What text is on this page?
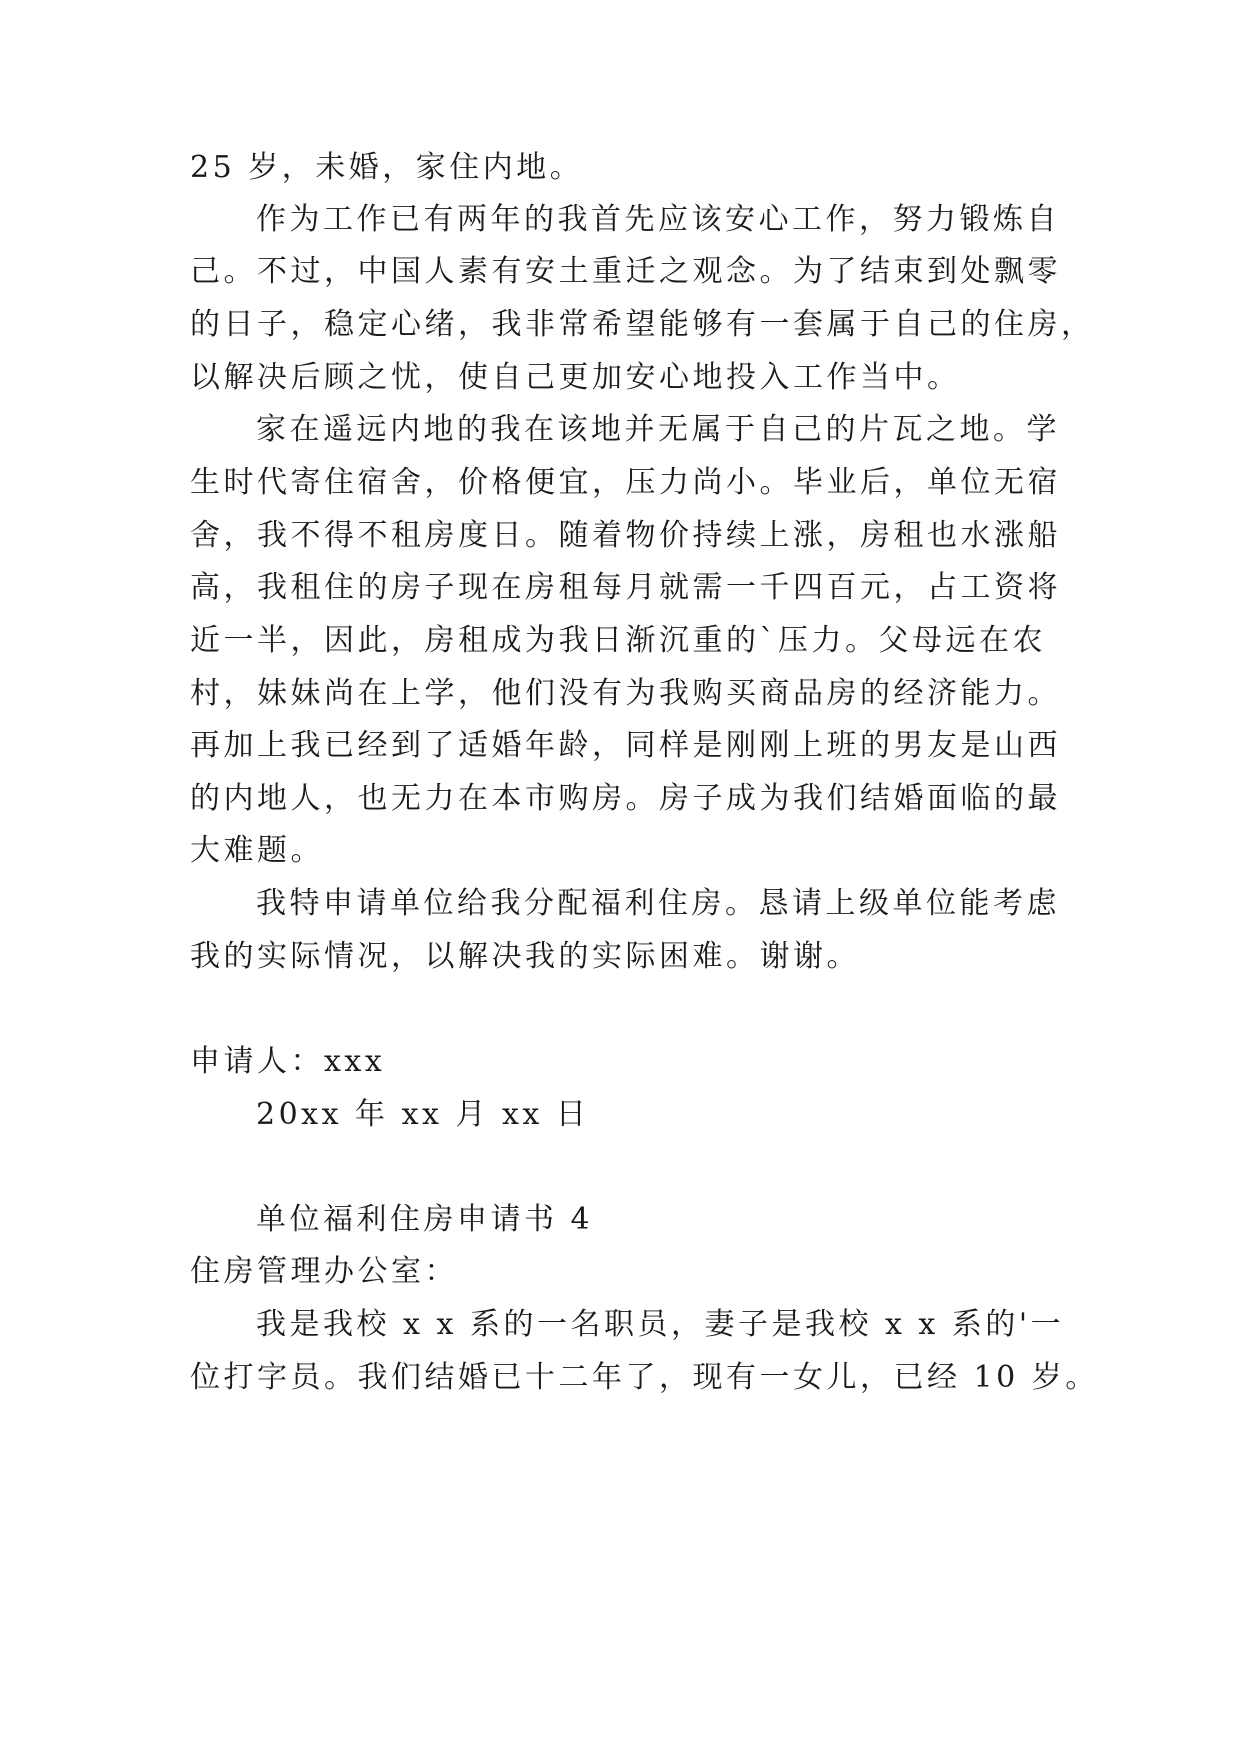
25 岁，未婚，家住内地。
作为工作已有两年的我首先应该安心工作，努力锻炼自
己。不过，中国人素有安土重迁之观念。为了结束到处飘零
的日子，稳定心绪，我非常希望能够有一套属于自己的住房，
以解决后顾之忧，使自己更加安心地投入工作当中。
家在遥远内地的我在该地并无属于自己的片瓦之地。学
生时代寄住宿舍，价格便宜，压力尚小。毕业后，单位无宿
舍，我不得不租房度日。随着物价持续上涨，房租也水涨船
高，我租住的房子现在房租每月就需一千四百元，占工资将
近一半，因此，房租成为我日渐沉重的`压力。父母远在农
村，妹妹尚在上学，他们没有为我购买商品房的经济能力。
再加上我已经到了适婚年龄，同样是刚刚上班的男友是山西
的内地人，也无力在本市购房。房子成为我们结婚面临的最
大难题。
我特申请单位给我分配福利住房。恳请上级单位能考虑
我的实际情况，以解决我的实际困难。谢谢。
申请人：xxx
20xx 年 xx 月 xx 日
单位福利住房申请书 4
住房管理办公室：
我是我校 x x 系的一名职员，妻子是我校 x x 系的'一
位打字员。我们结婚已十二年了，现有一女儿，已经 10 岁。
